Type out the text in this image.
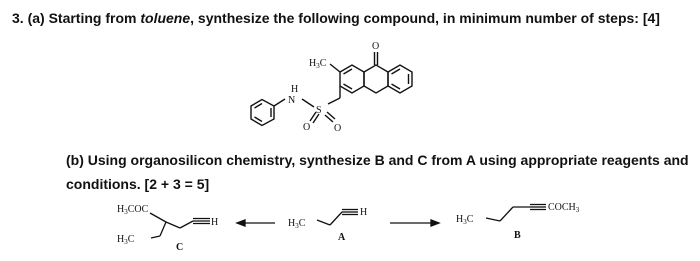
3. (a) Starting from toluene, synthesize the following compound, in minimum number of steps: [4]
(b) Using organosilicon chemistry, synthesize B and C from A using appropriate reagents and
conditions. [2 + 3 = 5]
$H_3C$
O
H
N
S
O O
$H_3COC$
$H_3C$
H
C
$H_3C$
H
A
$H_3C$
$COCH_3$
B
